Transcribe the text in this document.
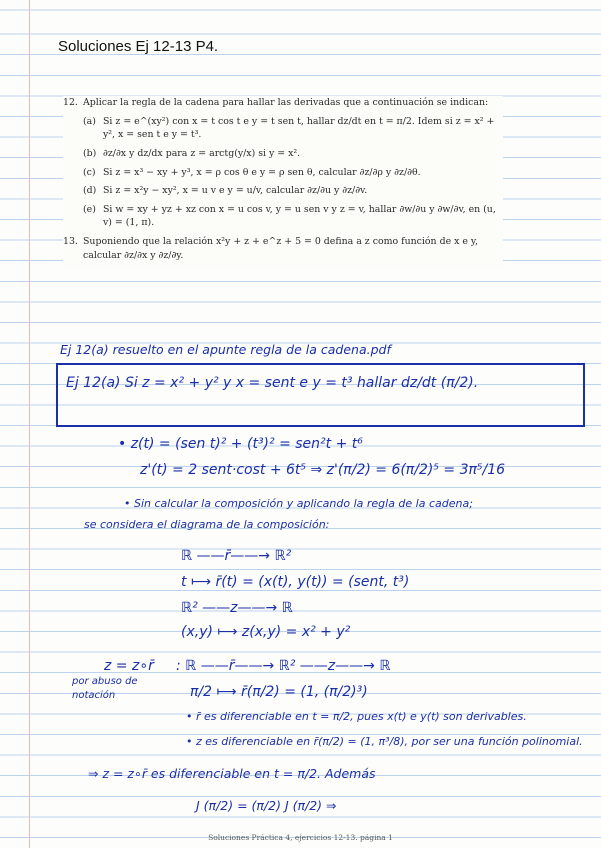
Soluciones Ej 12-13 P4.
12. Aplicar la regla de la cadena para hallar las derivadas que a continuación se indican:
(a) Si z = e^(xy²) con x = t cos t e y = t sen t, hallar dz/dt en t = π/2. Idem si z = x² + y², x = sen t e y = t³.
(b) ∂z/∂x y dz/dx para z = arctg(y/x) si y = x².
(c) Si z = x³ − xy + y³, x = ρ cos θ e y = ρ sen θ, calcular ∂z/∂ρ y ∂z/∂θ.
(d) Si z = x²y − xy², x = u v e y = u/v, calcular ∂z/∂u y ∂z/∂v.
(e) Si w = xy + yz + xz con x = u cos v, y = u sen v y z = v, hallar ∂w/∂u y ∂w/∂v, en (u, v) = (1, π).
13. Suponiendo que la relación x²y + z + e^z + 5 = 0 defina a z como función de x e y, calcular ∂z/∂x y ∂z/∂y.
Ej 12(a) resuelto en el apunte regla de la cadena.pdf
Ej 12(a) Si z = x² + y² y x = sent e y = t³ hallar dz/dt (π/2).
• z(t) = (sen t)² + (t³)² = sen²t + t⁶
z'(t) = 2 sent·cost + 6t⁵ ⇒ z'(π/2) = 6(π/2)⁵ = 3π⁵/16
• Sin calcular la composición y aplicando la regla de la cadena;
se considera el diagrama de la composición:
ℝ ——r̄——→ ℝ²
t ⟼ r̄(t) = (x(t), y(t)) = (sent, t³)
ℝ² ——z——→ ℝ
(x,y) ⟼ z(x,y) = x² + y²
z = z∘r̄ : ℝ ——r̄——→ ℝ² ——z——→ ℝ
π/2 ⟼ r̄(π/2) = (1, (π/2)³)
por abuso de
notación
• r̄ es diferenciable en t = π/2, pues x(t) e y(t) son derivables.
• z es diferenciable en r̄(π/2) = (1, π³/8), por ser una función polinomial.
⇒ z = z∘r̄ es diferenciable en t = π/2. Además
J (π/2) = (π/2) J (π/2) ⇒
Soluciones Práctica 4, ejercicios 12-13. página 1
